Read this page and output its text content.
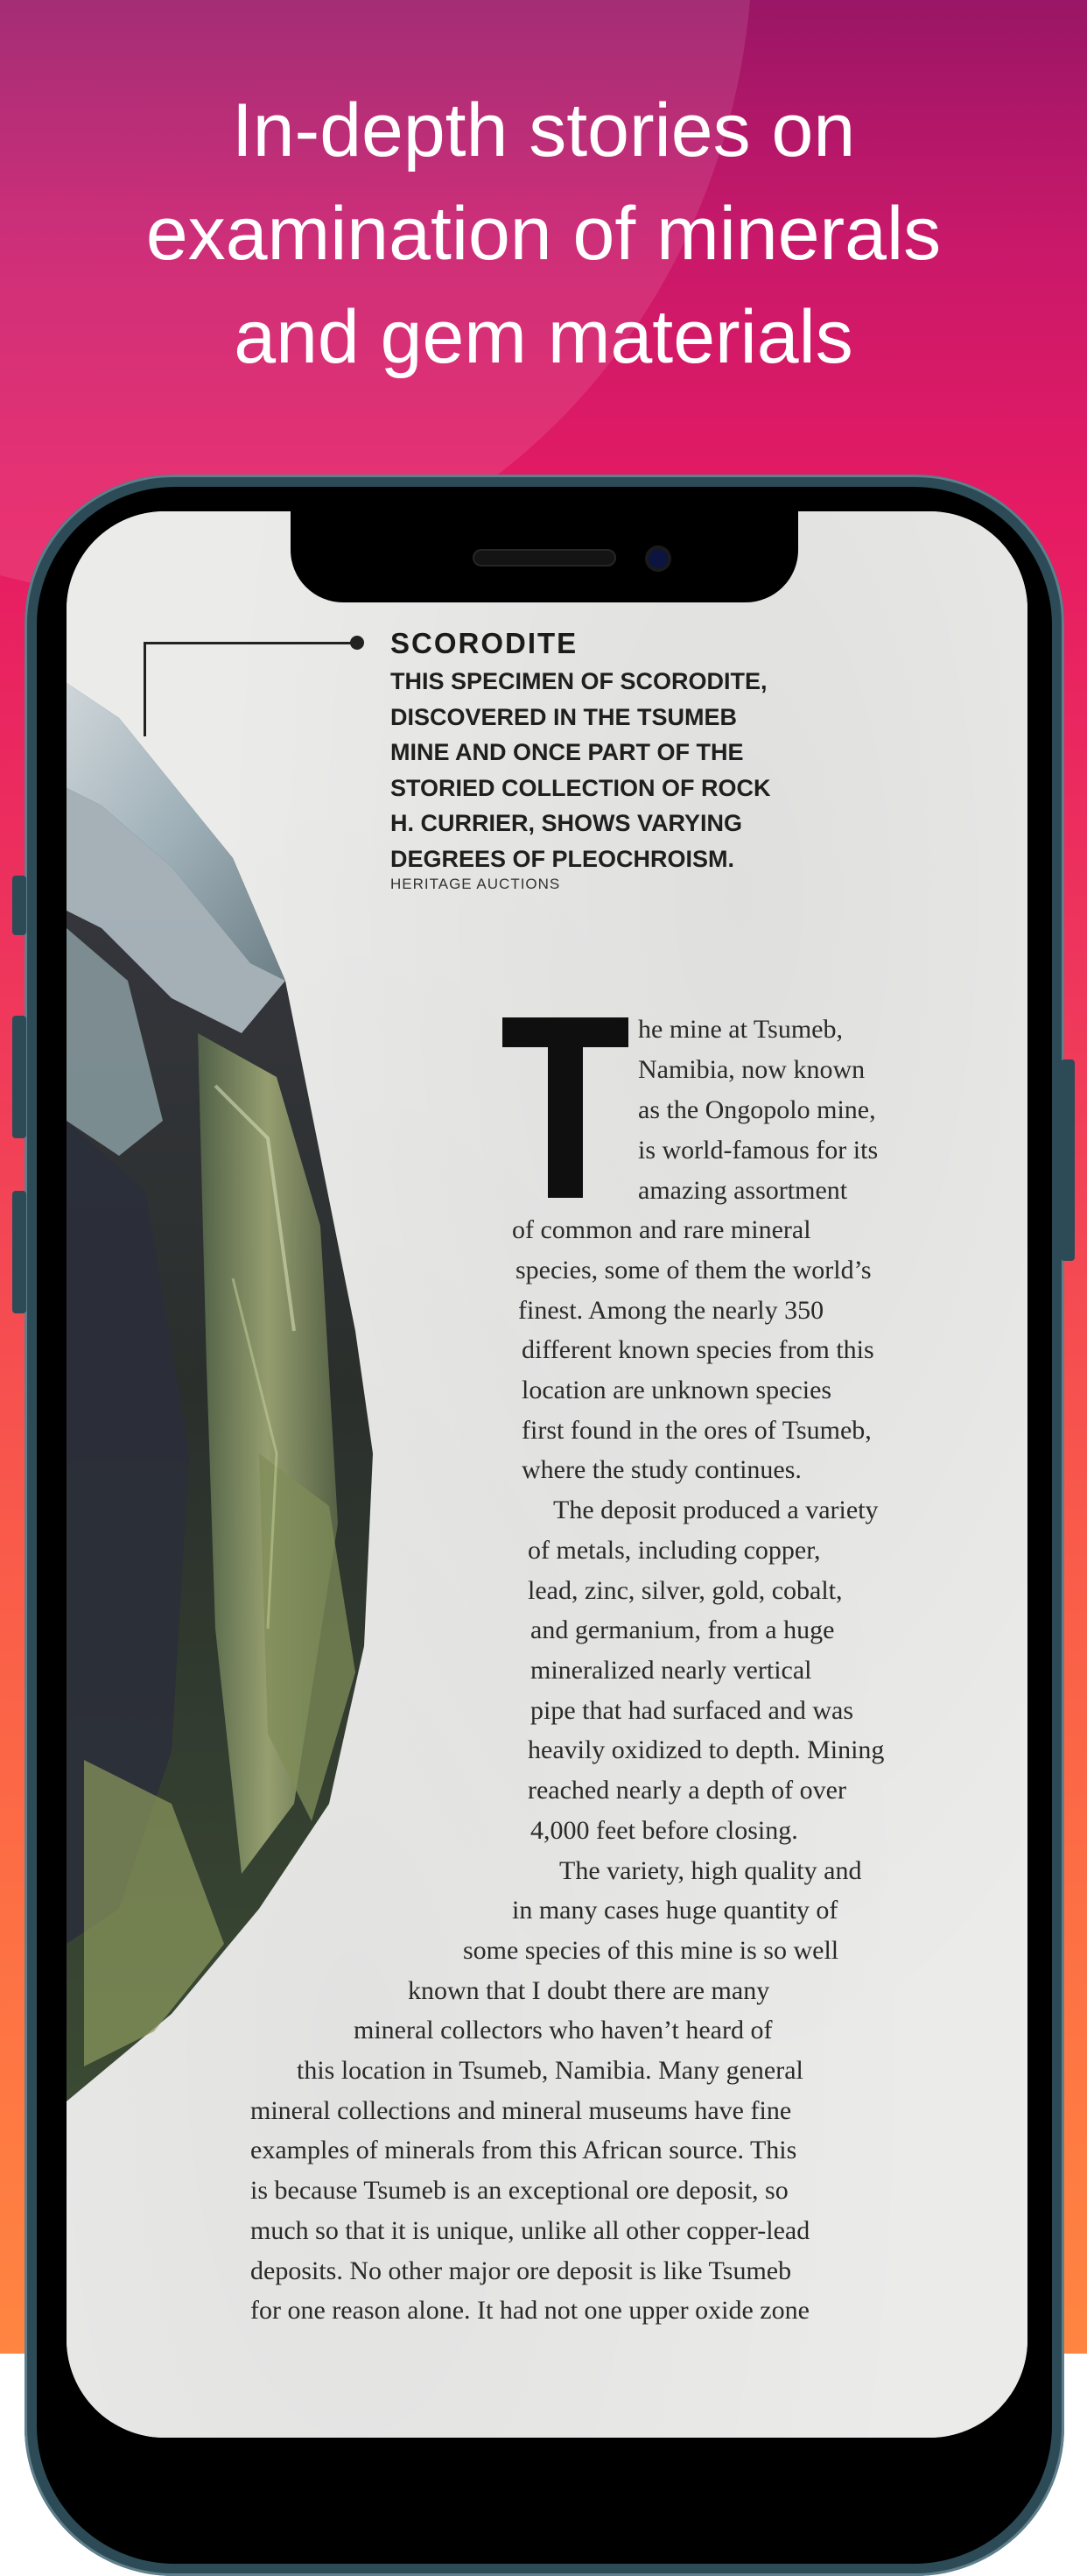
In-depth stories on
examination of minerals
and gem materials
SCORODITE
THIS SPECIMEN OF SCORODITE,
DISCOVERED IN THE TSUMEB
MINE AND ONCE PART OF THE
STORIED COLLECTION OF ROCK
H. CURRIER, SHOWS VARYING
DEGREES OF PLEOCHROISM.
HERITAGE AUCTIONS
he mine at Tsumeb,
Namibia, now known
as the Ongopolo mine,
is world-famous for its
amazing assortment
of common and rare mineral
species, some of them the world’s
finest. Among the nearly 350
different known species from this
location are unknown species
first found in the ores of Tsumeb,
where the study continues.
The deposit produced a variety
of metals, including copper,
lead, zinc, silver, gold, cobalt,
and germanium, from a huge
mineralized nearly vertical
pipe that had surfaced and was
heavily oxidized to depth. Mining
reached nearly a depth of over
4,000 feet before closing.
The variety, high quality and
in many cases huge quantity of
some species of this mine is so well
known that I doubt there are many
mineral collectors who haven’t heard of
this location in Tsumeb, Namibia. Many general
mineral collections and mineral museums have fine
examples of minerals from this African source. This
is because Tsumeb is an exceptional ore deposit, so
much so that it is unique, unlike all other copper-lead
deposits. No other major ore deposit is like Tsumeb
for one reason alone. It had not one upper oxide zone
